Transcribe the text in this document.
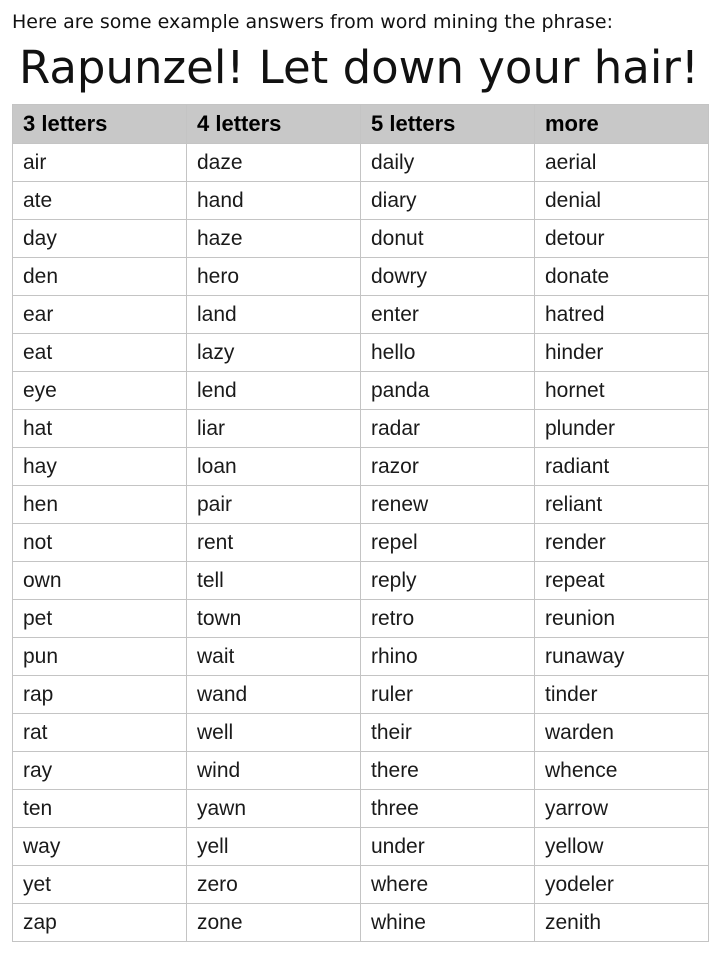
Here are some example answers from word mining the phrase:
Rapunzel! Let down your hair!
3 letters	4 letters	5 letters	more
air	daze	daily	aerial
ate	hand	diary	denial
day	haze	donut	detour
den	hero	dowry	donate
ear	land	enter	hatred
eat	lazy	hello	hinder
eye	lend	panda	hornet
hat	liar	radar	plunder
hay	loan	razor	radiant
hen	pair	renew	reliant
not	rent	repel	render
own	tell	reply	repeat
pet	town	retro	reunion
pun	wait	rhino	runaway
rap	wand	ruler	tinder
rat	well	their	warden
ray	wind	there	whence
ten	yawn	three	yarrow
way	yell	under	yellow
yet	zero	where	yodeler
zap	zone	whine	zenith
